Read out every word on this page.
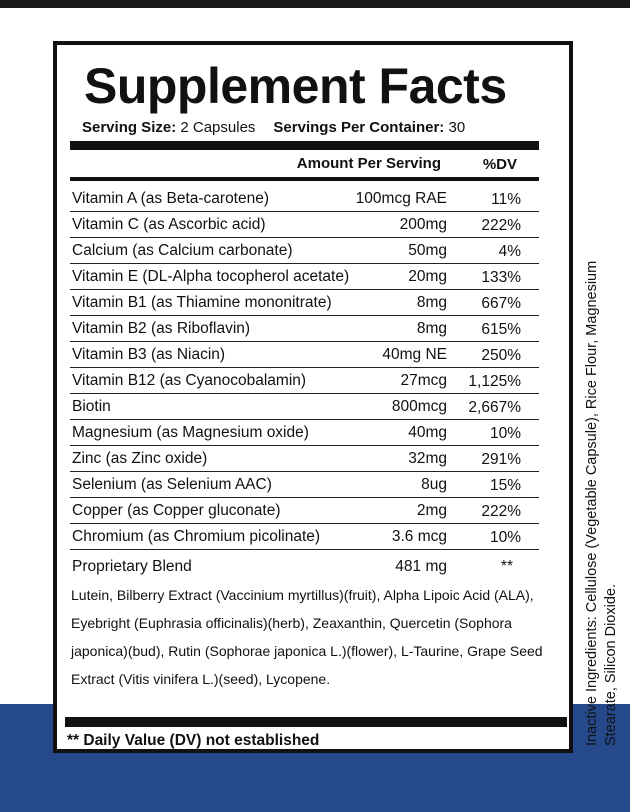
Supplement Facts
Serving Size: 2 Capsules Servings Per Container: 30
Amount Per Serving	%DV
Vitamin A (as Beta-carotene)	100mcg RAE	11%
Vitamin C (as Ascorbic acid)	200mg 222%
Calcium (as Calcium carbonate)	50mg	4%
Vitamin E (DL-Alpha tocopherol acetate)	20mg 133%
Vitamin B1 (as Thiamine mononitrate)	8mg 667%
Vitamin B2 (as Riboflavin)	8mg 615%
Vitamin B3 (as Niacin)	40mg NE 250%
Vitamin B12 (as Cyanocobalamin)	27mcg 1,125%
Biotin	800mcg 2,667%
Magnesium (as Magnesium oxide)	40mg	10%
Zinc (as Zinc oxide)	32mg 291%
Selenium (as Selenium AAC)	8ug	15%
Copper (as Copper gluconate)	2mg 222%
Chromium (as Chromium picolinate)	3.6 mcg	10%
Proprietary Blend	481 mg	**
Lutein, Bilberry Extract (Vaccinium myrtillus)(fruit), Alpha Lipoic Acid (ALA), Eyebright (Euphrasia officinalis)(herb), Zeaxanthin, Quercetin (Sophora japonica)(bud), Rutin (Sophorae japonica L.)(flower), L-Taurine, Grape Seed Extract (Vitis vinifera L.)(seed), Lycopene.
** Daily Value (DV) not established	Inactive Ingredients: Cellulose (Vegetable Capsule), Rice Flour, Magnesium Stearate, Silicon Dioxide.
